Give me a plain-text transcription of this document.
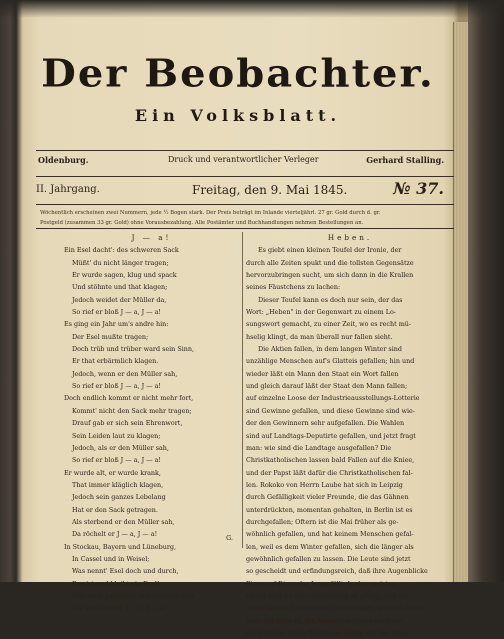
Der Beobachter.
Ein Volksblatt.
Oldenburg.	Druck und verantwortlicher Verleger	Gerhard Stalling.
II. Jahrgang.	Freitag, den 9. Mai 1845.	№ 37.
Wöchentlich erscheinen zwei Nummern, jede ½ Bogen stark. Der Preis beträgt im Inlande vierteljährl. 27 gr. Gold durch d. gr.
Postgeld (zusammen 33 gr. Gold) ohne Vorausbezahlung. Alle Postämter und Buchhandlungen nehmen Bestellungen an.
J — a!
Ein Esel dacht': des schweren Sack
Müßt' du nicht länger tragen;
Er wurde sagen, klug und spack
Und stöhnte und that klagen;
Jedoch weidet der Müller da,
So rief er bloß J — a, J — a!
Es ging ein Jahr um's andre hin:
Der Esel mußte tragen;
Doch trüb und trüber ward sein Sinn,
Er that erbärmlich klagen.
Jedoch, wenn er den Müller sah,
So rief er bloß J — a, J — a!
Doch endlich kommt er nicht mehr fort,
Kommt' nicht den Sack mehr tragen;
Drauf gab er sich sein Ehrenwort,
Sein Leiden laut zu klagen;
Jedoch, als er den Müller sah,
So rief er bloß J — a, J — a!
Er wurde alt, er wurde krank,
That immer kläglich klagen,
Jedoch sein ganzes Lebelang
Hat er den Sack getragen.
Als sterbend er den Müller sah,
Da röchelt er J — a, J — a!
In Stockau, Bayern und Lüneburg,
In Cassel und in Weisel;
Was nennt' Esel doch und durch,
Das ist und bleibt ein Esel!
Was auch geschieht und was geschah,
Der Esel schreit J — a, J — a!
G.
Heben.
Es giebt einen kleinen Teufel der Ironie, der
durch alle Zeiten spukt und die tollsten Gegensätze
hervorzubringen sucht, um sich dann in die Krallen
seines Fäustchens zu lachen:
Dieser Teufel kann es doch nur sein, der das
Wort: „Heben" in der Gegenwart zu einem Lo-
sungswort gemacht, zu einer Zeit, wo es recht mü-
hselig klingt, da man überall nur fallen sieht.
Die Aktien fallen, in dem langen Winter sind
unzählige Menschen auf's Glatteis gefallen; hin und
wieder läßt ein Mann den Staat ein Wort fallen
und gleich darauf läßt der Staat den Mann fallen;
auf einzelne Loose der Industrieausstellungs-Lotterie
sind Gewinne gefallen, und diese Gewinne sind wie-
der den Gewinnern sehr aufgefallen. Die Wahlen
sind auf Landtags-Deputirte gefallen, und jetzt fragt
man: wie sind die Landtage ausgefallen? Die
Christkatholischen lassen bald Fallen auf die Kniee,
und der Papst läßt dafür die Christkatholischen fal-
len. Rokoko von Herrn Laube hat sich in Leipzig
durch Gefälligkeit vieler Freunde, die das Gähnen
unterdrückten, momentan gehalten, in Berlin ist es
durchgefallen; Oftern ist die Mai früher als ge-
wöhnlich gefallen, und hat keinem Menschen gefal-
len, weil es dem Winter gefallen, sich die länger als
gewöhnlich gefallen zu lassen. Die Leute sind jetzt
so gescheidt und erfindungsreich, daß ihre Augenblicke
Einer auf Dies oder Jenes fällt. In den meisten
Fällen sind sie aber gleichzeitig so plump, daß sie
sofort dadurch verbunden zerstimmern, wovon's fallen.
Sehr gut wäre es, die Menschen ließen auch auf
die Urtheile. Dann fließen sie häufig mit der Nase
